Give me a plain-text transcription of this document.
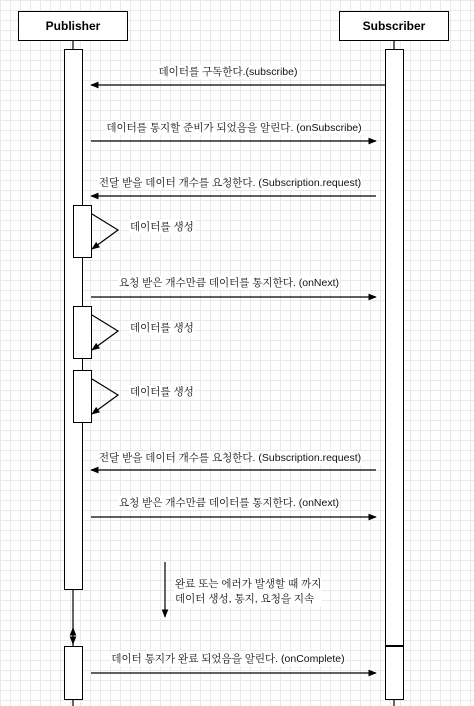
Publisher	Subscriber
데이터를 구독한다.(subscribe)
데이터를 통지할 준비가 되었음을 알린다. (onSubscribe)
전달 받을 데이터 개수를 요청한다. (Subscription.request)
데이터를 생성
요청 받은 개수만큼 데이터를 통지한다. (onNext)
데이터를 생성
데이터를 생성
전달 받을 데이터 개수를 요청한다. (Subscription.request)
요청 받은 개수만큼 데이터를 통지한다. (onNext)
완료 또는 에러가 발생할 때 까지
데이터 생성, 통지, 요청을 지속
데이터 통지가 완료 되었음을 알린다. (onComplete)
